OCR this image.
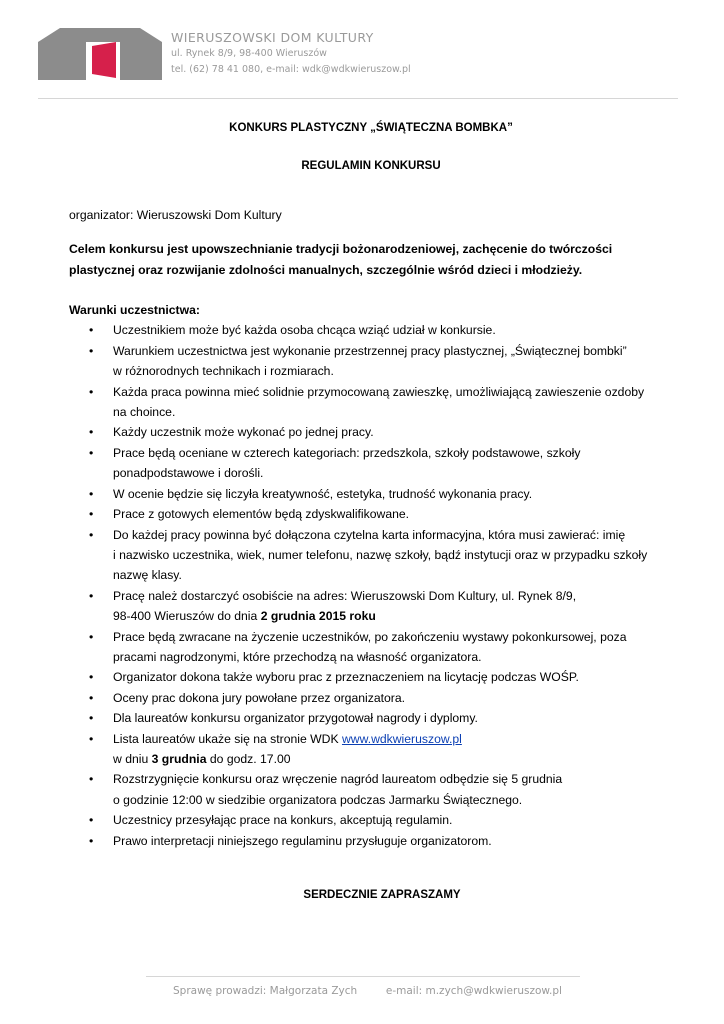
WIERUSZOWSKI DOM KULTURY
ul. Rynek 8/9, 98-400 Wieruszów
tel. (62) 78 41 080, e-mail: wdk@wdkwieruszow.pl
KONKURS PLASTYCZNY „ŚWIĄTECZNA BOMBKA”
REGULAMIN KONKURSU

organizator: Wieruszowski Dom Kultury

Celem konkursu jest upowszechnianie tradycji bożonarodzeniowej, zachęcenie do twórczości plastycznej oraz rozwijanie zdolności manualnych, szczególnie wśród dzieci i młodzieży.

Warunki uczestnictwa:

• Uczestnikiem może być każda osoba chcąca wziąć udział w konkursie.
• Warunkiem uczestnictwa jest wykonanie przestrzennej pracy plastycznej, „Świątecznej bombki”
w różnorodnych technikach i rozmiarach.
• Każda praca powinna mieć solidnie przymocowaną zawieszkę, umożliwiającą zawieszenie ozdoby na choince.
• Każdy uczestnik może wykonać po jednej pracy.
• Prace będą oceniane w czterech kategoriach: przedszkola, szkoły podstawowe, szkoły ponadpodstawowe i dorośli.
• W ocenie będzie się liczyła kreatywność, estetyka, trudność wykonania pracy.
• Prace z gotowych elementów będą zdyskwalifikowane.
• Do każdej pracy powinna być dołączona czytelna karta informacyjna, która musi zawierać: imię
i nazwisko uczestnika, wiek, numer telefonu, nazwę szkoły, bądź instytucji oraz w przypadku szkoły nazwę klasy.
• Pracę należ dostarczyć osobiście na adres: Wieruszowski Dom Kultury, ul. Rynek 8/9,
98-400 Wieruszów do dnia 2 grudnia 2015 roku
• Prace będą zwracane na życzenie uczestników, po zakończeniu wystawy pokonkursowej, poza pracami nagrodzonymi, które przechodzą na własność organizatora.
• Organizator dokona także wyboru prac z przeznaczeniem na licytację podczas WOŚP.
• Oceny prac dokona jury powołane przez organizatora.
• Dla laureatów konkursu organizator przygotował nagrody i dyplomy.
• Lista laureatów ukaże się na stronie WDK www.wdkwieruszow.pl
w dniu 3 grudnia do godz. 17.00
• Rozstrzygnięcie konkursu oraz wręczenie nagród laureatom odbędzie się 5 grudnia
o godzinie 12:00 w siedzibie organizatora podczas Jarmarku Świątecznego.
• Uczestnicy przesyłając prace na konkurs, akceptują regulamin.
• Prawo interpretacji niniejszego regulaminu przysługuje organizatorom.
SERDECZNIE ZAPRASZAMY
Sprawę prowadzi: Małgorzata Zych	e-mail: m.zych@wdkwieruszow.pl
